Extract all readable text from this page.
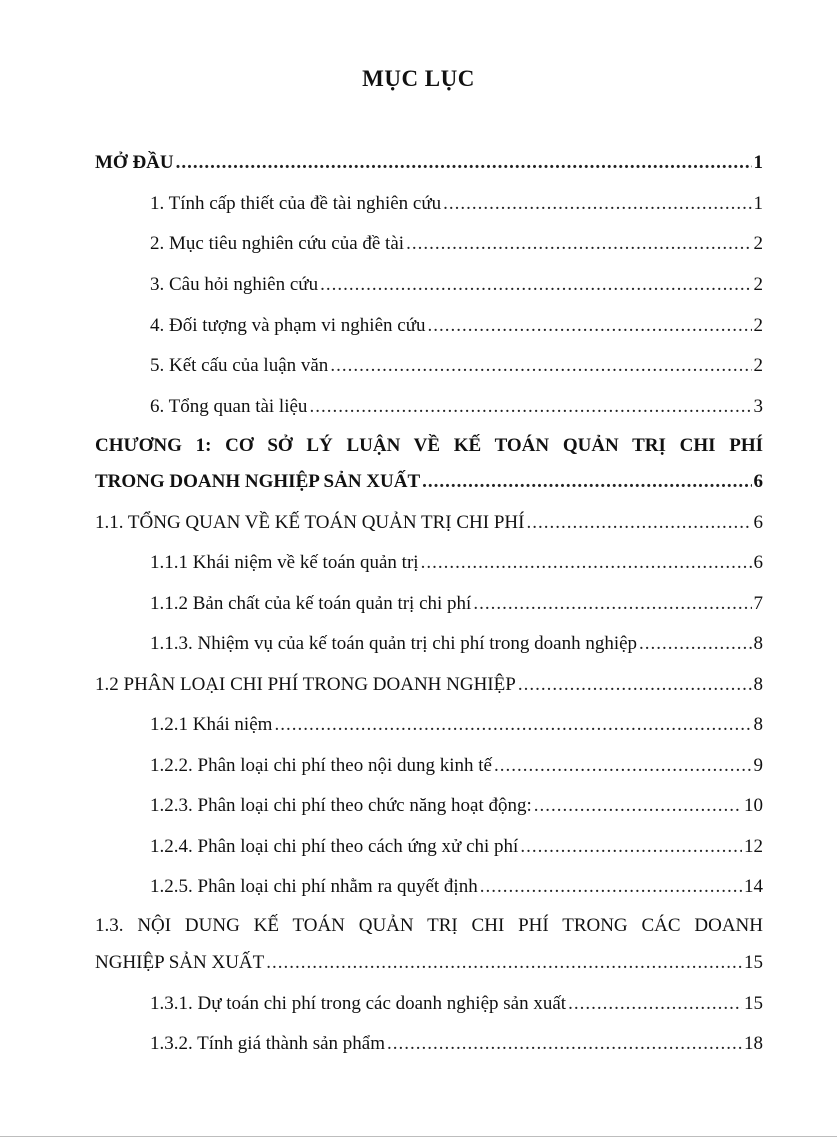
MỤC LỤC
MỞ ĐẦU .....	1
1. Tính cấp thiết của đề tài nghiên cứu .....	1
2. Mục tiêu nghiên cứu của đề tài .....	2
3. Câu hỏi nghiên cứu .....	2
4. Đối tượng và phạm vi nghiên cứu .....	2
5. Kết cấu của luận văn .....	2
6. Tổng quan tài liệu .....	3
CHƯƠNG 1: CƠ SỞ LÝ LUẬN VỀ KẾ TOÁN QUẢN TRỊ CHI PHÍ
TRONG DOANH NGHIỆP SẢN XUẤT .....	6
1.1. TỔNG QUAN VỀ KẾ TOÁN QUẢN TRỊ CHI PHÍ .....	6
1.1.1 Khái niệm về kế toán quản trị .....	6
1.1.2 Bản chất của kế toán quản trị chi phí .....	7
1.1.3. Nhiệm vụ của kế toán quản trị chi phí trong doanh nghiệp .....	8
1.2 PHÂN LOẠI CHI PHÍ TRONG DOANH NGHIỆP .....	8
1.2.1 Khái niệm .....	8
1.2.2. Phân loại chi phí theo nội dung kinh tế .....	9
1.2.3. Phân loại chi phí theo chức năng hoạt động: .....	10
1.2.4. Phân loại chi phí theo cách ứng xử chi phí .....	12
1.2.5. Phân loại chi phí nhằm ra quyết định .....	14
1.3. NỘI DUNG KẾ TOÁN QUẢN TRỊ CHI PHÍ TRONG CÁC DOANH
NGHIỆP SẢN XUẤT .....	15
1.3.1. Dự toán chi phí trong các doanh nghiệp sản xuất .....	15
1.3.2. Tính giá thành sản phẩm .....	18
